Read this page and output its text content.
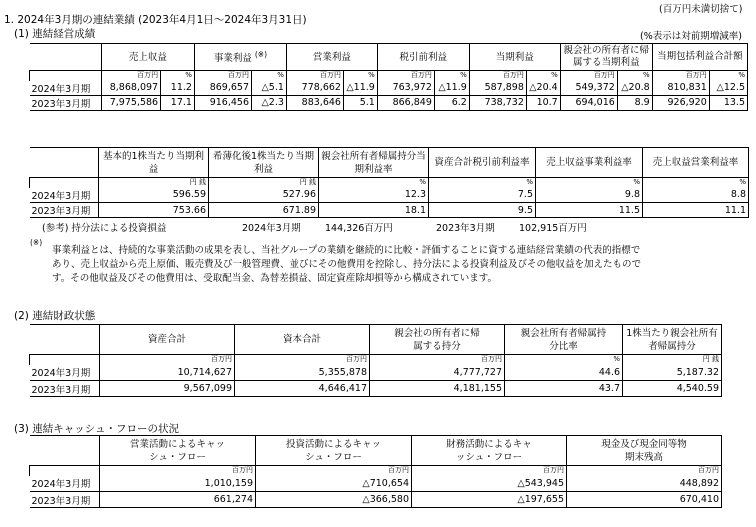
(百万円未満切捨て)
1. 2024年3月期の連結業績 (2023年4月1日～2024年3月31日)
(1) 連結経営成績	(%表示は対前期増減率)
	売上収益		事業利益 (※)		営業利益		税引前利益		当期利益		親会社の所有者に帰属する当期利益		当期包括利益合計額	
	百万円	%	百万円	%	百万円	%	百万円	%	百万円	%	百万円	%	百万円	%
2024年3月期	8,868,097	11.2	869,657	△5.1	778,662	△11.9	763,972	△11.9	587,898	△20.4	549,372	△20.8	810,831	△12.5
2023年3月期	7,975,586	17.1	916,456	△2.3	883,646	5.1	866,849	6.2	738,732	10.7	694,016	8.9	926,920	13.5
	基本的1株当たり当期利益	希薄化後1株当たり当期利益	親会社所有者帰属持分当期利益率	資産合計税引前利益率	売上収益事業利益率	売上収益営業利益率
	円 銭	円 銭	%	%	%	%
2024年3月期	596.59	527.96	12.3	7.5	9.8	8.8
2023年3月期	753.66	671.89	18.1	9.5	11.5	11.1
(参考) 持分法による投資損益	2024年3月期	144,326百万円	2023年3月期	102,915百万円
(※)
事業利益とは、持続的な事業活動の成果を表し、当社グループの業績を継続的に比較・評価することに資する連結経営業績の代表的指標で
あり、売上収益から売上原価、販売費及び一般管理費、並びにその他費用を控除し、持分法による投資利益及びその他収益を加えたもので
す。その他収益及びその他費用は、受取配当金、為替差損益、固定資産除却損等から構成されています。
(2) 連結財政状態
	資産合計	資本合計	親会社の所有者に帰属する持分	親会社所有者帰属持分比率	1株当たり親会社所有者帰属持分
	百万円	百万円	百万円	%	円 銭
2024年3月期	10,714,627	5,355,878	4,777,727	44.6	5,187.32
2023年3月期	9,567,099	4,646,417	4,181,155	43.7	4,540.59
(3) 連結キャッシュ・フローの状況
	営業活動によるキャッシュ・フロー	投資活動によるキャッシュ・フロー	財務活動によるキャッシュ・フロー	現金及び現金同等物期末残高
	百万円	百万円	百万円	百万円
2024年3月期	1,010,159	△710,654	△543,945	448,892
2023年3月期	661,274	△366,580	△197,655	670,410
